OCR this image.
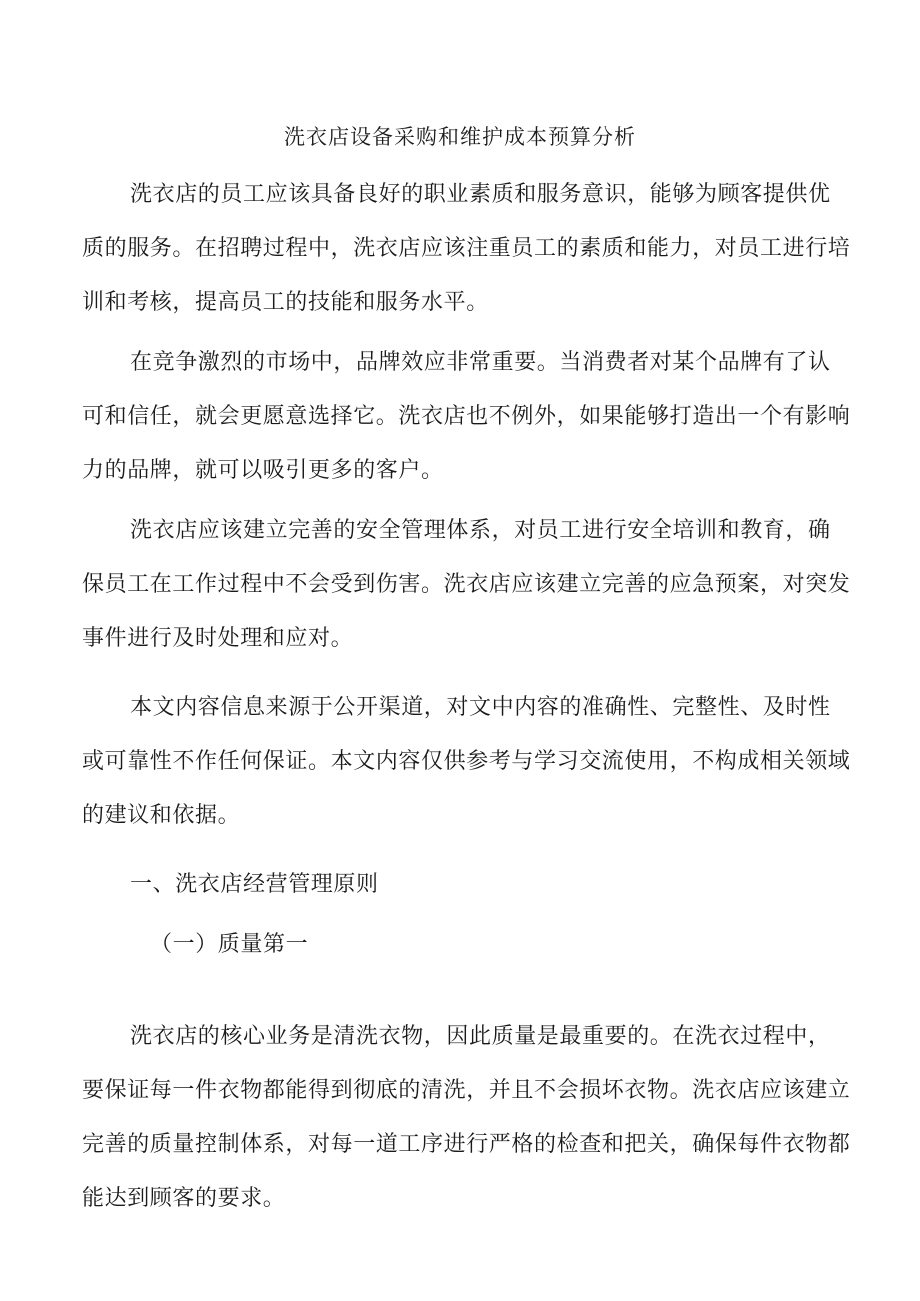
洗衣店设备采购和维护成本预算分析

洗衣店的员工应该具备良好的职业素质和服务意识，能够为顾客提供优质的服务。在招聘过程中，洗衣店应该注重员工的素质和能力，对员工进行培训和考核，提高员工的技能和服务水平。

在竞争激烈的市场中，品牌效应非常重要。当消费者对某个品牌有了认可和信任，就会更愿意选择它。洗衣店也不例外，如果能够打造出一个有影响力的品牌，就可以吸引更多的客户。

洗衣店应该建立完善的安全管理体系，对员工进行安全培训和教育，确保员工在工作过程中不会受到伤害。洗衣店应该建立完善的应急预案，对突发事件进行及时处理和应对。

本文内容信息来源于公开渠道，对文中内容的准确性、完整性、及时性或可靠性不作任何保证。本文内容仅供参考与学习交流使用，不构成相关领域的建议和依据。

一、洗衣店经营管理原则
（一）质量第一

洗衣店的核心业务是清洗衣物，因此质量是最重要的。在洗衣过程中，要保证每一件衣物都能得到彻底的清洗，并且不会损坏衣物。洗衣店应该建立完善的质量控制体系，对每一道工序进行严格的检查和把关，确保每件衣物都能达到顾客的要求。
